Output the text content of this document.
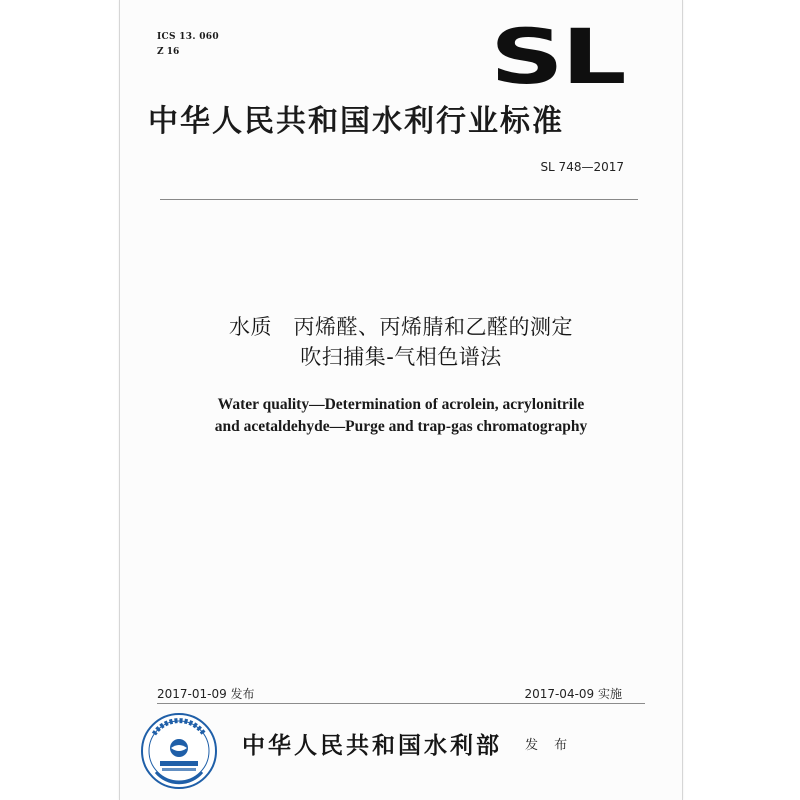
ICS 13. 060
Z 16	SL
中华人民共和国水利行业标准
SL 748—2017
水质　丙烯醛、丙烯腈和乙醛的测定
吹扫捕集-气相色谱法
Water quality—Determination of acrolein, acrylonitrile
and acetaldehyde—Purge and trap-gas chromatography
2017-01-09 发布	2017-04-09 实施
中华人民共和国水利部 发 布
